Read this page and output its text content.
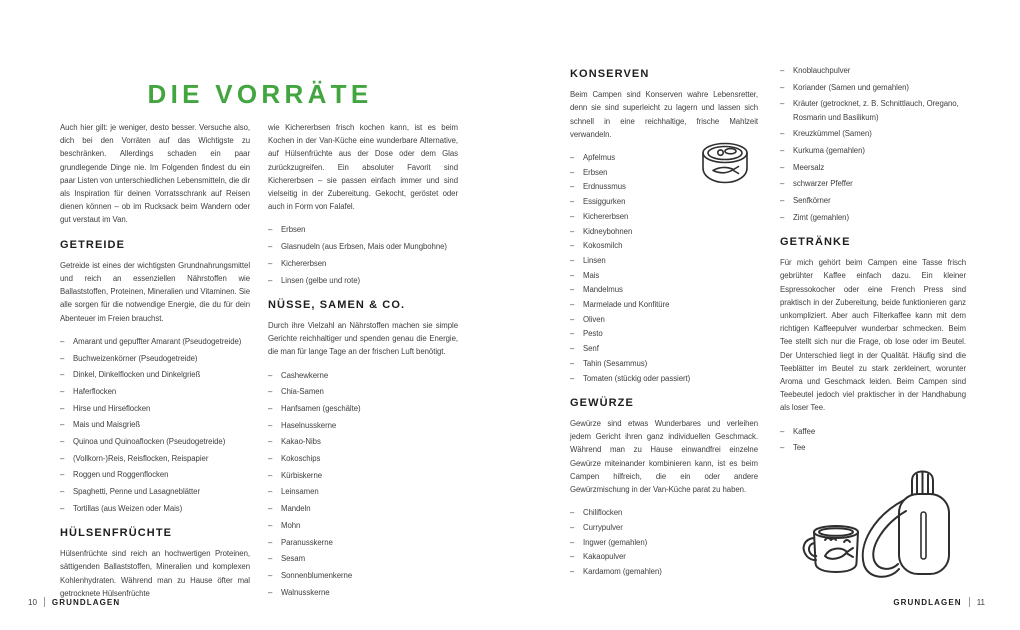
DIE VORRÄTE

Auch hier gilt: je weniger, desto besser. Versuche also, dich bei den Vorräten auf das Wichtigste zu beschränken. Allerdings schaden ein paar grundlegende Dinge nie. Im Folgenden findest du ein paar Listen von unterschiedlichen Lebensmitteln, die dir als Inspiration für deinen Vorratsschrank auf Reisen dienen können – ob im Rucksack beim Wandern oder gut verstaut im Van.

GETREIDE

Getreide ist eines der wichtigsten Grundnahrungsmittel und reich an essenziellen Nährstoffen wie Ballaststoffen, Proteinen, Mineralien und Vitaminen. Sie alle sorgen für die notwendige Energie, die du für dein Abenteuer im Freien brauchst.

– Amarant und gepuffter Amarant (Pseudogetreide)
– Buchweizenkörner (Pseudogetreide)
– Dinkel, Dinkelflocken und Dinkelgrieß
– Haferflocken
– Hirse und Hirseflocken
– Mais und Maisgrieß
– Quinoa und Quinoaflocken (Pseudogetreide)
– (Vollkorn-)Reis, Reisflocken, Reispapier
– Roggen und Roggenflocken
– Spaghetti, Penne und Lasagneblätter
– Tortillas (aus Weizen oder Mais)
HÜLSENFRÜCHTE

Hülsenfrüchte sind reich an hochwertigen Proteinen, sättigenden Ballaststoffen, Mineralien und komplexen Kohlenhydraten. Während man zu Hause öfter mal getrocknete Hülsenfrüchte

wie Kichererbsen frisch kochen kann, ist es beim Kochen in der Van-Küche eine wunderbare Alternative, auf Hülsenfrüchte aus der Dose oder dem Glas zurückzugreifen. Ein absoluter Favorit sind Kichererbsen – sie passen einfach immer und sind vielseitig in der Zubereitung. Gekocht, geröstet oder auch in Form von Falafel.

– Erbsen
– Glasnudeln (aus Erbsen, Mais oder Mungbohne)
– Kichererbsen
– Linsen (gelbe und rote)
NÜSSE, SAMEN & CO.

Durch ihre Vielzahl an Nährstoffen machen sie simple Gerichte reichhaltiger und spenden genau die Energie, die man für lange Tage an der frischen Luft benötigt.

– Cashewkerne
– Chia-Samen
– Hanfsamen (geschälte)
– Haselnusskerne
– Kakao-Nibs
– Kokoschips
– Kürbiskerne
– Leinsamen
– Mandeln
– Mohn
– Paranusskerne
– Sesam
– Sonnenblumenkerne
– Walnusskerne
KONSERVEN

Beim Campen sind Konserven wahre Lebensretter, denn sie sind superleicht zu lagern und lassen sich schnell in eine reichhaltige, frische Mahlzeit verwandeln.

– Apfelmus
– Erbsen
– Erdnussmus
– Essiggurken
– Kichererbsen
– Kidneybohnen
– Kokosmilch
– Linsen
– Mais
– Mandelmus
– Marmelade und Konfitüre
– Oliven
– Pesto
– Senf
– Tahin (Sesammus)
– Tomaten (stückig oder passiert)
GEWÜRZE

Gewürze sind etwas Wunderbares und verleihen jedem Gericht ihren ganz individuellen Geschmack. Während man zu Hause einwandfrei einzelne Gewürze miteinander kombinieren kann, ist es beim Campen hilfreich, die ein oder andere Gewürzmischung in der Van-Küche parat zu haben.

– Chiliflocken
– Currypulver
– Ingwer (gemahlen)
– Kakaopulver
– Kardamom (gemahlen)
– Knoblauchpulver
– Koriander (Samen und gemahlen)
– Kräuter (getrocknet, z. B. Schnittlauch, Oregano, Rosmarin und Basilikum)
– Kreuzkümmel (Samen)
– Kurkuma (gemahlen)
– Meersalz
– schwarzer Pfeffer
– Senfkörner
– Zimt (gemahlen)
GETRÄNKE

Für mich gehört beim Campen eine Tasse frisch gebrühter Kaffee einfach dazu. Ein kleiner Espressokocher oder eine French Press sind praktisch in der Zubereitung, beide funktionieren ganz unkompliziert. Aber auch Filterkaffee kann mit dem richtigen Kaffeepulver wunderbar schmecken. Beim Tee stellt sich nur die Frage, ob lose oder im Beutel. Der Unterschied liegt in der Qualität. Häufig sind die Teeblätter im Beutel zu stark zerkleinert, worunter Aroma und Geschmack leiden. Beim Campen sind Teebeutel jedoch viel praktischer in der Handhabung als loser Tee.

– Kaffee
– Tee
10 GRUNDLAGEN	GRUNDLAGEN 11
